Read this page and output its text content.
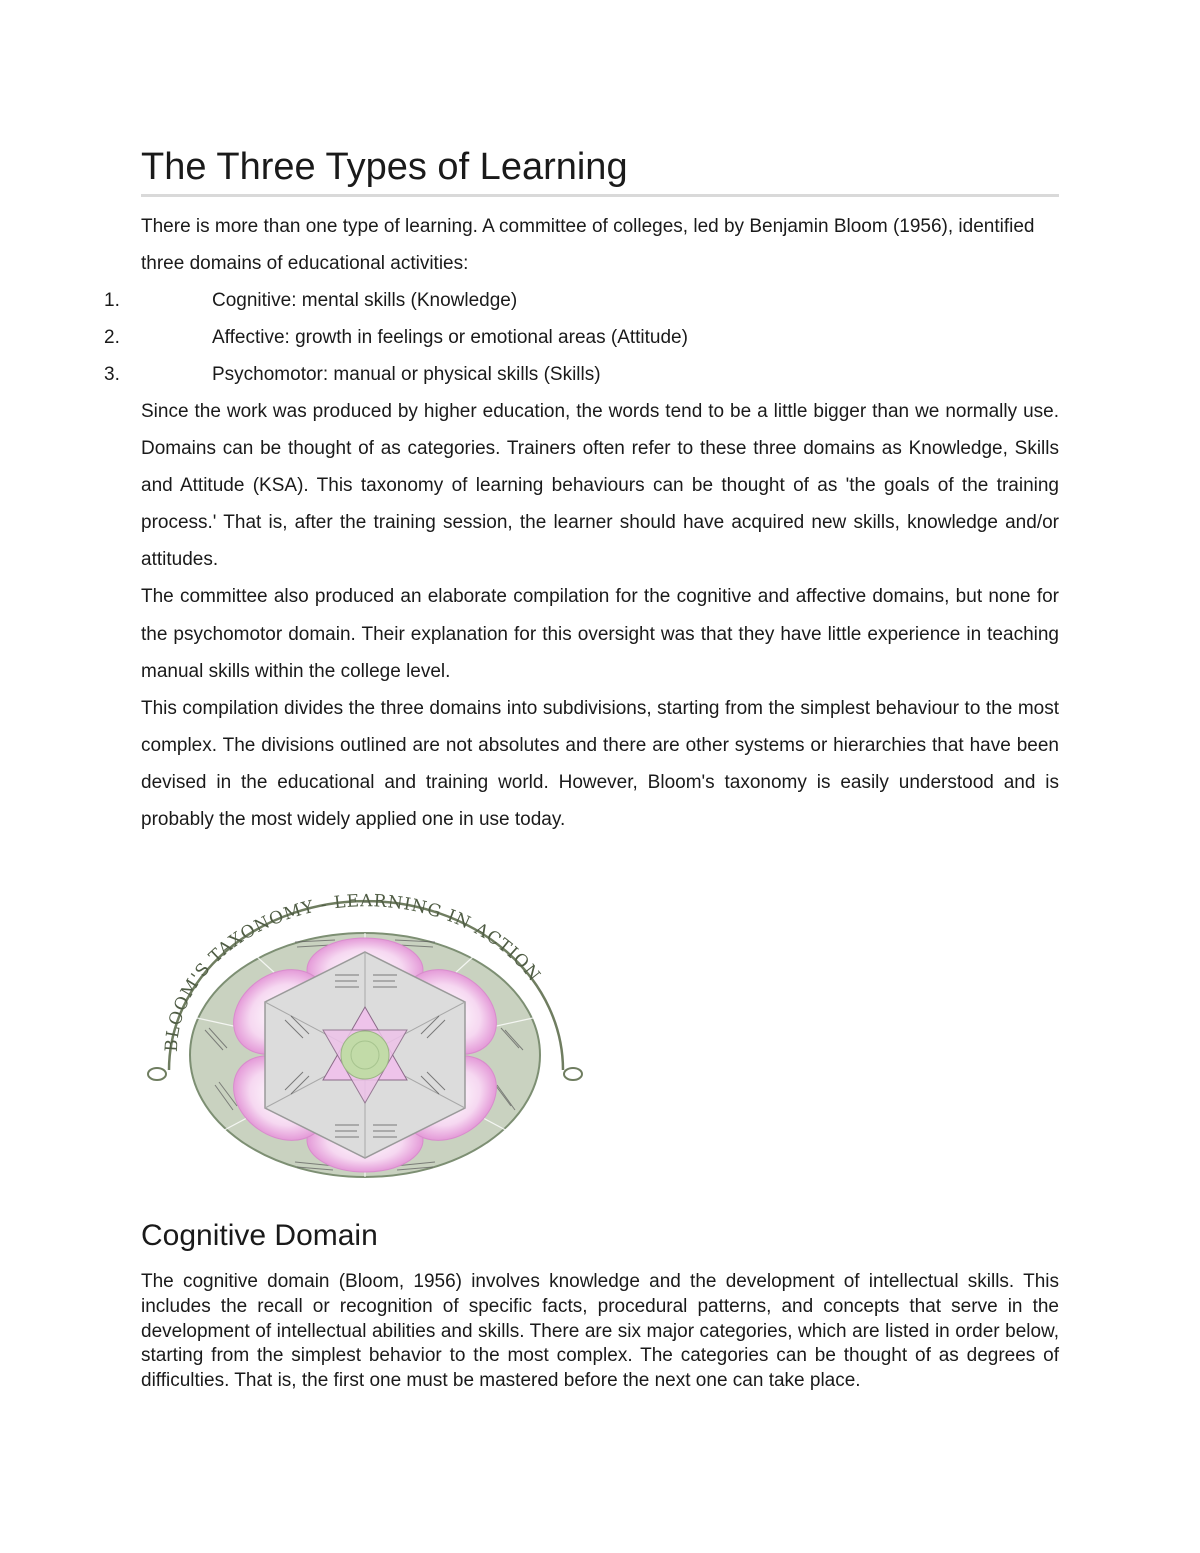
The Three Types of Learning

There is more than one type of learning. A committee of colleges, led by Benjamin Bloom (1956), identified three domains of educational activities:

1.	Cognitive: mental skills (Knowledge)
2.	Affective: growth in feelings or emotional areas (Attitude)
3.	Psychomotor: manual or physical skills (Skills)

Since the work was produced by higher education, the words tend to be a little bigger than we normally use. Domains can be thought of as categories. Trainers often refer to these three domains as Knowledge, Skills and Attitude (KSA). This taxonomy of learning behaviours can be thought of as 'the goals of the training process.' That is, after the training session, the learner should have acquired new skills, knowledge and/or attitudes.

The committee also produced an elaborate compilation for the cognitive and affective domains, but none for the psychomotor domain. Their explanation for this oversight was that they have little experience in teaching manual skills within the college level.

This compilation divides the three domains into subdivisions, starting from the simplest behaviour to the most complex. The divisions outlined are not absolutes and there are other systems or hierarchies that have been devised in the educational and training world. However, Bloom's taxonomy is easily understood and is probably the most widely applied one in use today.

BLOOM'S TAXONOMY - LEARNING IN ACTION
Cognitive Domain

The cognitive domain (Bloom, 1956) involves knowledge and the development of intellectual skills. This includes the recall or recognition of specific facts, procedural patterns, and concepts that serve in the development of intellectual abilities and skills. There are six major categories, which are listed in order below, starting from the simplest behavior to the most complex. The categories can be thought of as degrees of difficulties. That is, the first one must be mastered before the next one can take place.
